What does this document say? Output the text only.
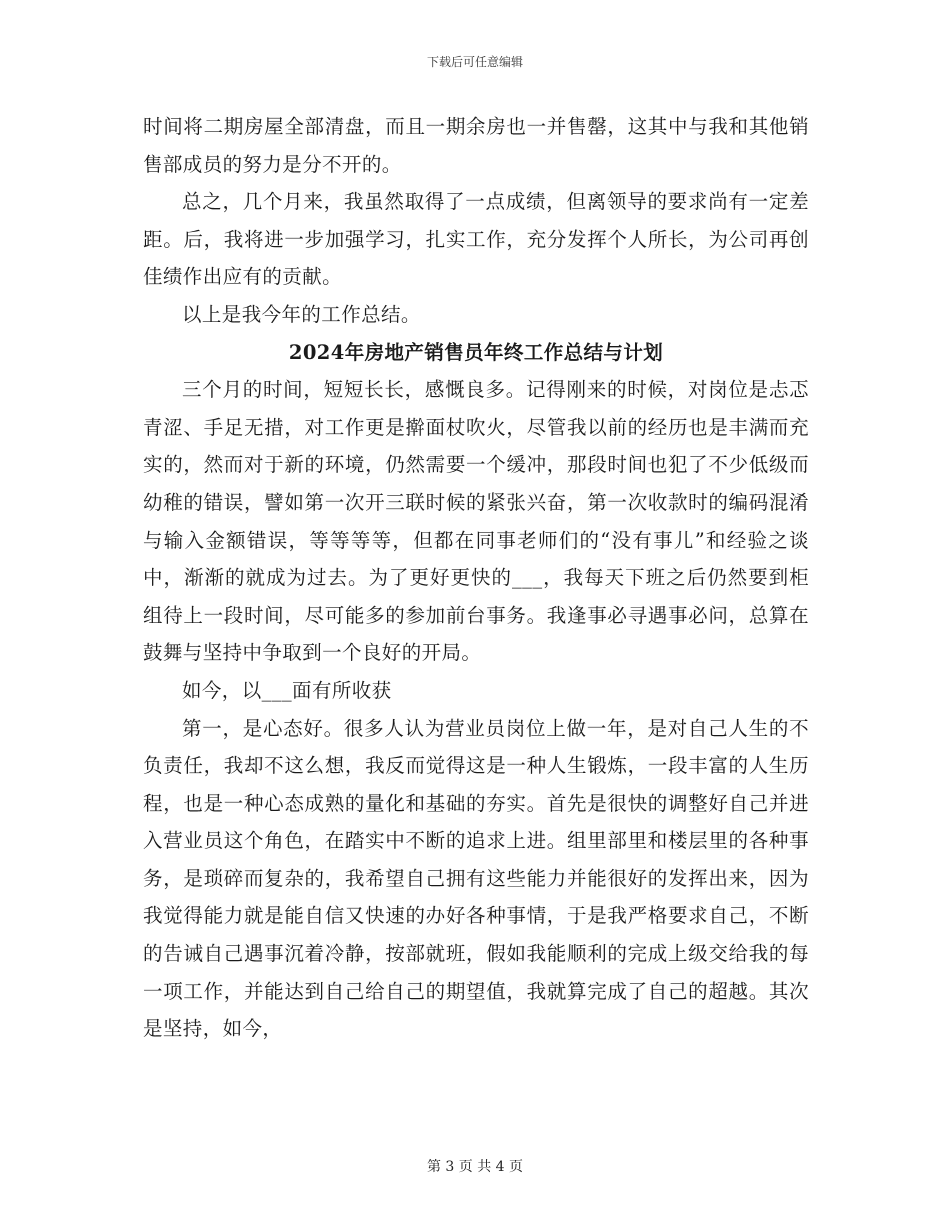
下载后可任意编辑

时间将二期房屋全部清盘，而且一期余房也一并售罄，这其中与我和其他销售部成员的努力是分不开的。

总之，几个月来，我虽然取得了一点成绩，但离领导的要求尚有一定差距。后，我将进一步加强学习，扎实工作，充分发挥个人所长，为公司再创佳绩作出应有的贡献。

以上是我今年的工作总结。

2024年房地产销售员年终工作总结与计划

三个月的时间，短短长长，感慨良多。记得刚来的时候，对岗位是忐忑青涩、手足无措，对工作更是擀面杖吹火，尽管我以前的经历也是丰满而充实的，然而对于新的环境，仍然需要一个缓冲，那段时间也犯了不少低级而幼稚的错误，譬如第一次开三联时候的紧张兴奋，第一次收款时的编码混淆与输入金额错误，等等等等，但都在同事老师们的“没有事儿”和经验之谈中，渐渐的就成为过去。为了更好更快的___，我每天下班之后仍然要到柜组待上一段时间，尽可能多的参加前台事务。我逢事必寻遇事必问，总算在鼓舞与坚持中争取到一个良好的开局。

如今，以___面有所收获

第一，是心态好。很多人认为营业员岗位上做一年，是对自己人生的不负责任，我却不这么想，我反而觉得这是一种人生锻炼，一段丰富的人生历程，也是一种心态成熟的量化和基础的夯实。首先是很快的调整好自己并进入营业员这个角色，在踏实中不断的追求上进。组里部里和楼层里的各种事务，是琐碎而复杂的，我希望自己拥有这些能力并能很好的发挥出来，因为我觉得能力就是能自信又快速的办好各种事情，于是我严格要求自己，不断的告诫自己遇事沉着冷静，按部就班，假如我能顺利的完成上级交给我的每一项工作，并能达到自己给自己的期望值，我就算完成了自己的超越。其次是坚持，如今，

第 3 页 共 4 页
